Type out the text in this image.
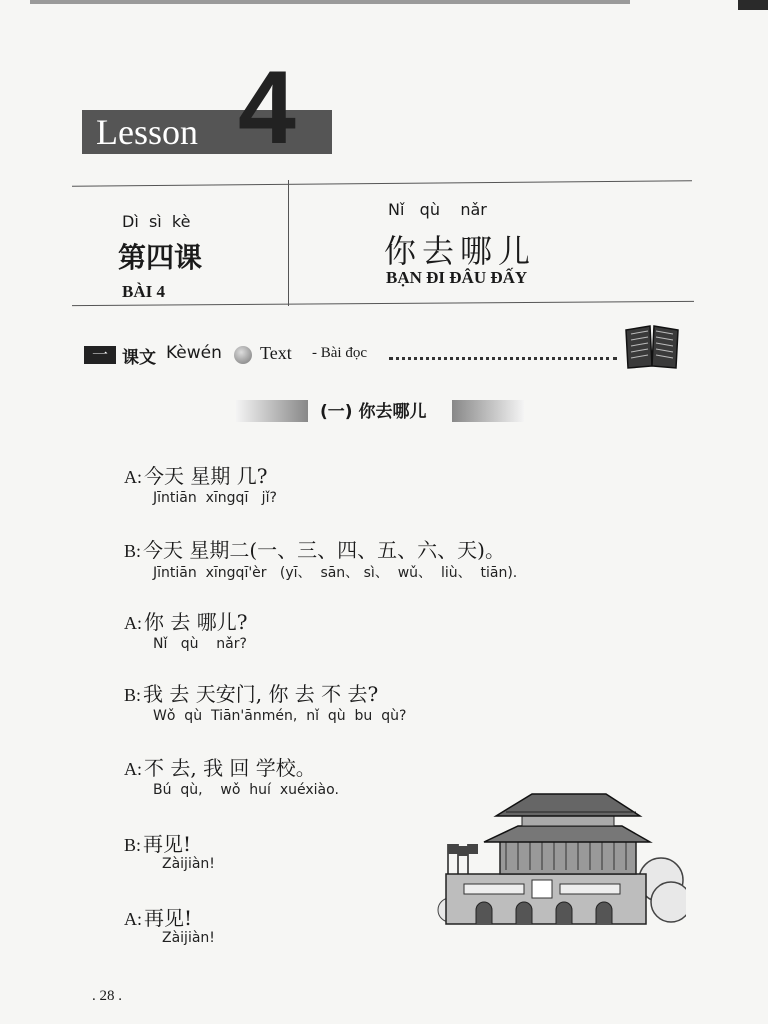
Lesson 4
Dì  sì  kè
第四课
BÀI 4
Nǐ   qù    nǎr
你去哪儿
BẠN ĐI ĐÂU ĐẤY
一 课文 Kèwén Text - Bài đọc
(一) 你去哪儿
A: 今天 星期 几?
Jīntiān  xīngqī   jǐ?
B: 今天 星期二(一、三、四、五、六、天)。
Jīntiān  xīngqī'èr   (yī、  sān、 sì、  wǔ、  liù、  tiān).
A: 你 去 哪儿?
Nǐ   qù    nǎr?
B: 我 去 天安门, 你 去 不 去?
Wǒ  qù  Tiān'ānmén,  nǐ  qù  bu  qù?
A: 不 去, 我 回 学校。
Bú  qù,    wǒ  huí  xuéxiào.
B: 再见!
Zàijiàn!
A: 再见!
Zàijiàn!
. 28 .
